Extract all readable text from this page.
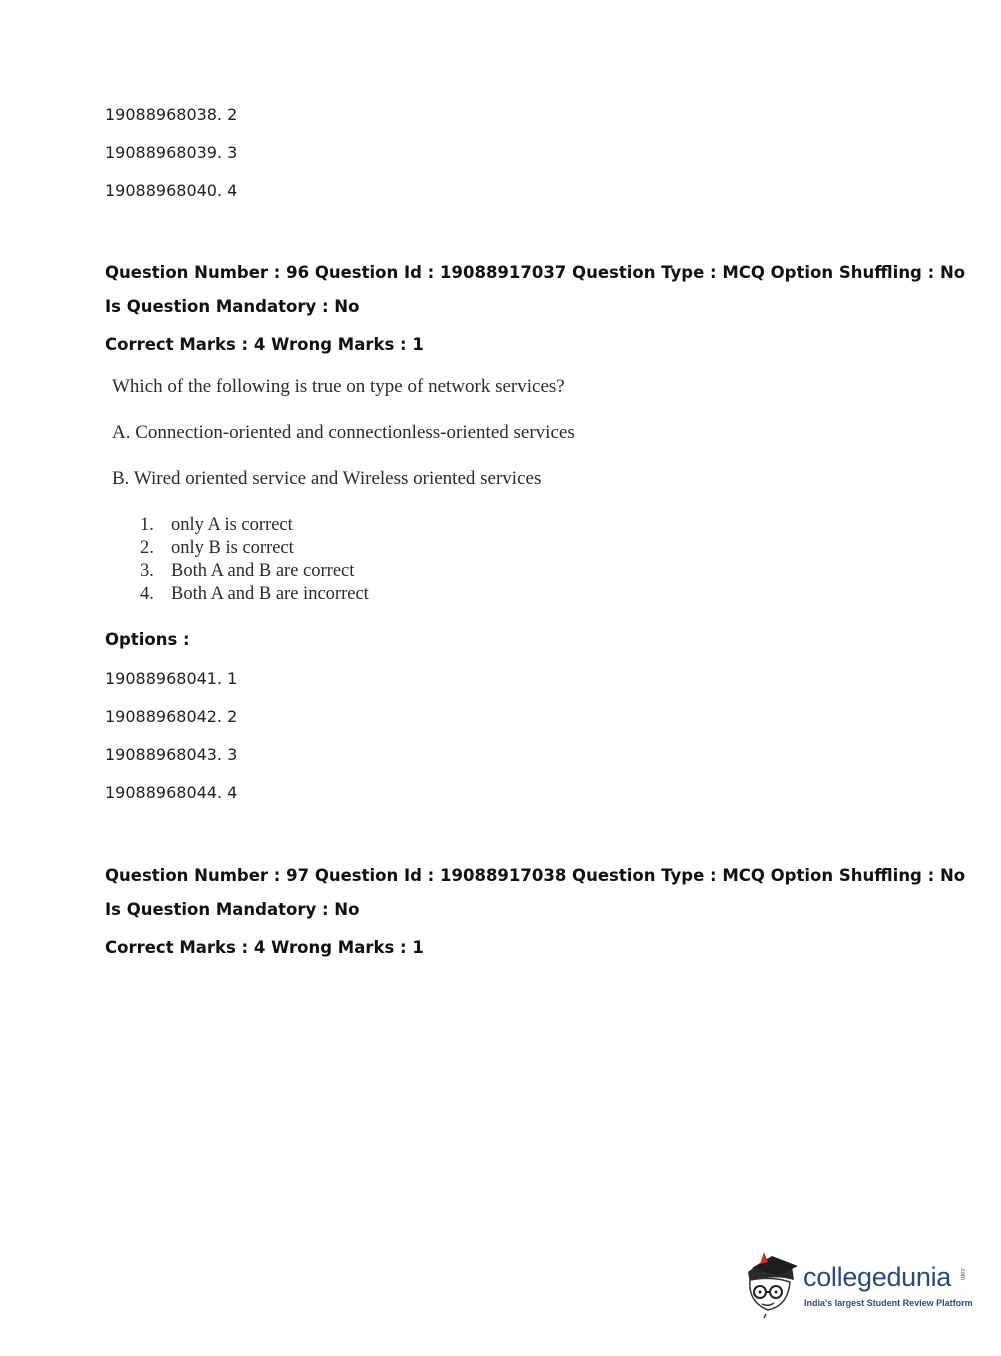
19088968038. 2
19088968039. 3
19088968040. 4
Question Number : 96 Question Id : 19088917037 Question Type : MCQ Option Shuffling : No
Is Question Mandatory : No
Correct Marks : 4 Wrong Marks : 1
Which of the following is true on type of network services?
A. Connection-oriented and connectionless-oriented services
B. Wired oriented service and Wireless oriented services
1. only A is correct
2. only B is correct
3. Both A and B are correct
4. Both A and B are incorrect
Options :
19088968041. 1
19088968042. 2
19088968043. 3
19088968044. 4
Question Number : 97 Question Id : 19088917038 Question Type : MCQ Option Shuffling : No
Is Question Mandatory : No
Correct Marks : 4 Wrong Marks : 1
collegedunia .com
India's largest Student Review Platform
